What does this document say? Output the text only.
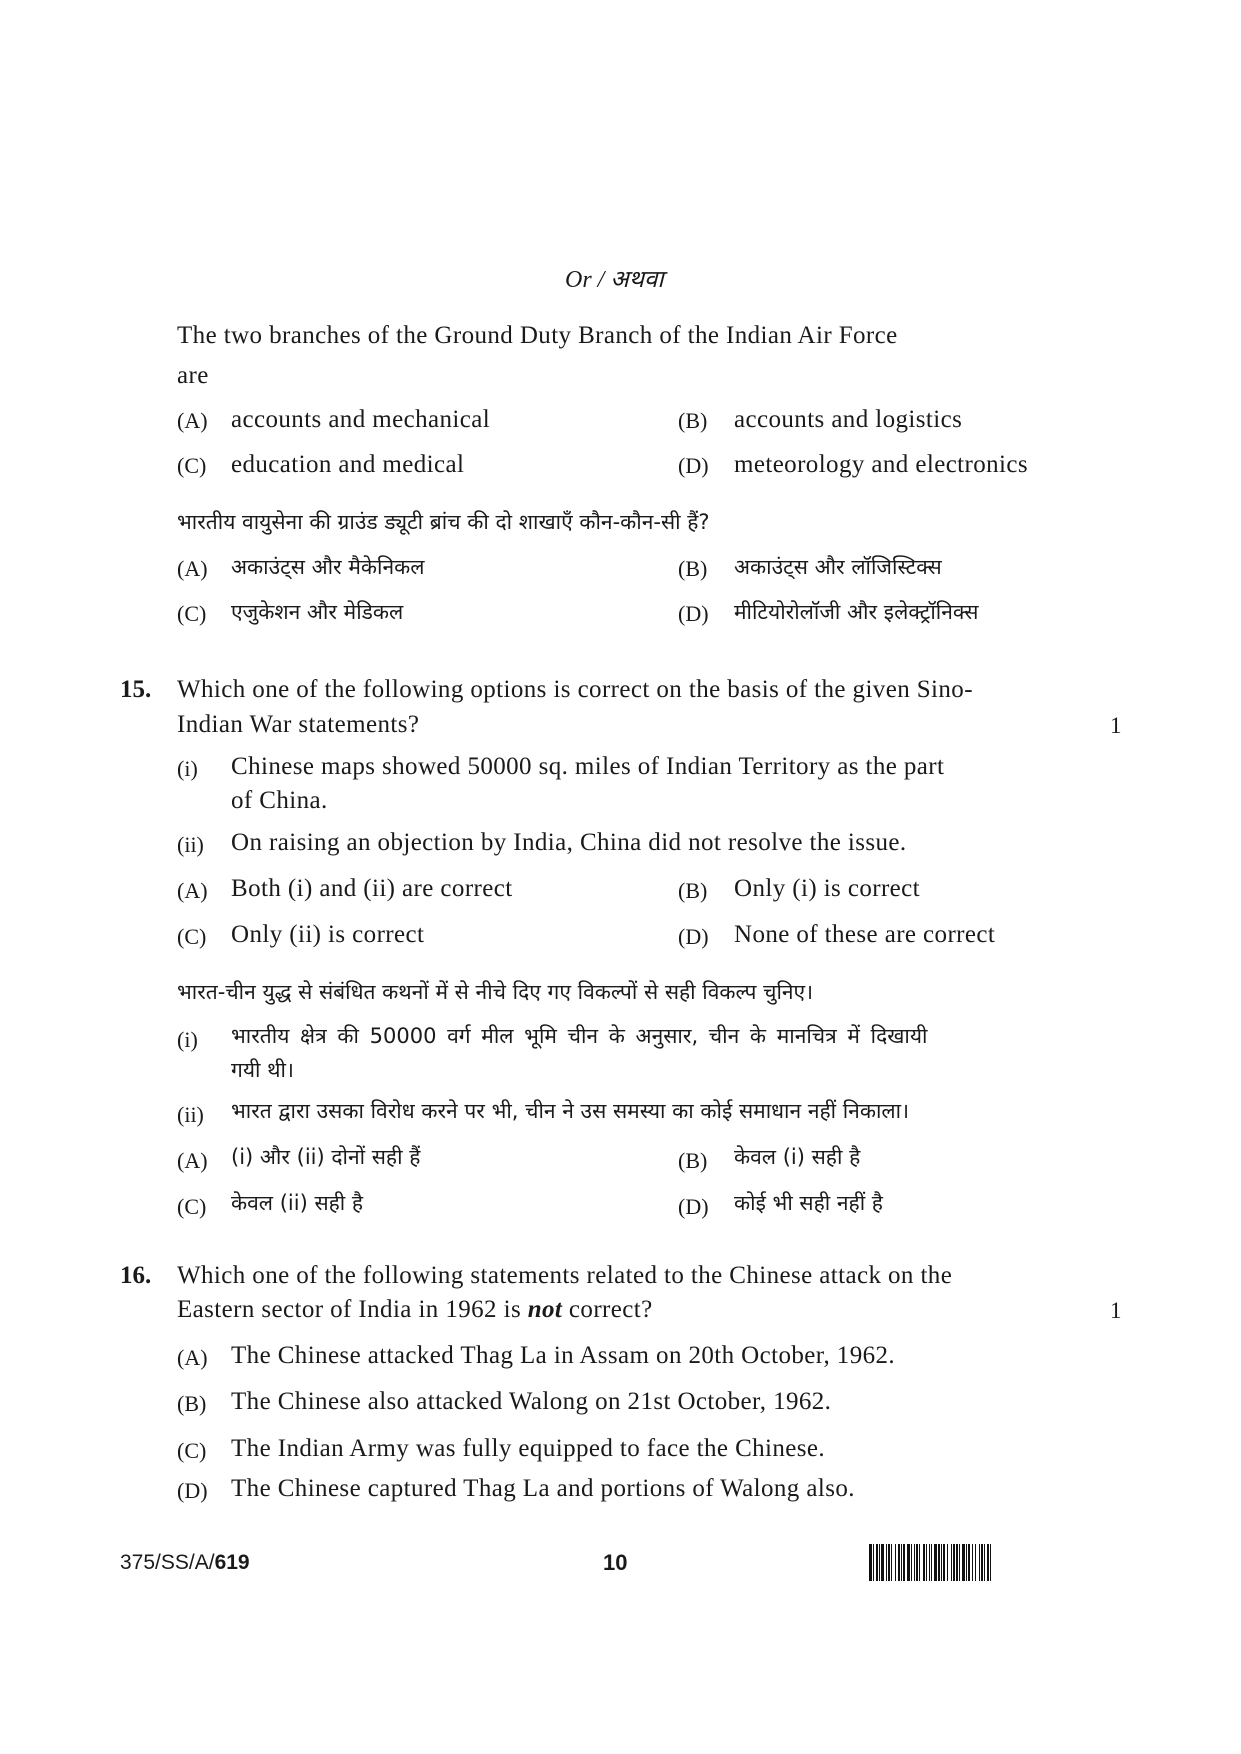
Or / अथवा
The two branches of the Ground Duty Branch of the Indian Air Force
are
(A) accounts and mechanical	(B) accounts and logistics
(C) education and medical	(D) meteorology and electronics
भारतीय वायुसेना की ग्राउंड ड्यूटी ब्रांच की दो शाखाएँ कौन-कौन-सी हैं?
(A) अकाउंट्स और मैकेनिकल	(B) अकाउंट्स और लॉजिस्टिक्स
(C) एजुकेशन और मेडिकल	(D) मीटियोरोलॉजी और इलेक्ट्रॉनिक्स
15. Which one of the following options is correct on the basis of the given Sino-
Indian War statements?	1
(i) Chinese maps showed 50000 sq. miles of Indian Territory as the part
of China.
(ii) On raising an objection by India, China did not resolve the issue.
(A) Both (i) and (ii) are correct	(B) Only (i) is correct
(C) Only (ii) is correct	(D) None of these are correct
भारत-चीन युद्ध से संबंधित कथनों में से नीचे दिए गए विकल्पों से सही विकल्प चुनिए।
(i) भारतीय क्षेत्र की 50000 वर्ग मील भूमि चीन के अनुसार, चीन के मानचित्र में दिखायी
गयी थी।
(ii) भारत द्वारा उसका विरोध करने पर भी, चीन ने उस समस्या का कोई समाधान नहीं निकाला।
(A) (i) और (ii) दोनों सही हैं	(B) केवल (i) सही है
(C) केवल (ii) सही है	(D) कोई भी सही नहीं है
16. Which one of the following statements related to the Chinese attack on the
Eastern sector of India in 1962 is not correct?	1
(A) The Chinese attacked Thag La in Assam on 20th October, 1962.
(B) The Chinese also attacked Walong on 21st October, 1962.
(C) The Indian Army was fully equipped to face the Chinese.
(D) The Chinese captured Thag La and portions of Walong also.
375/SS/A/619	10
